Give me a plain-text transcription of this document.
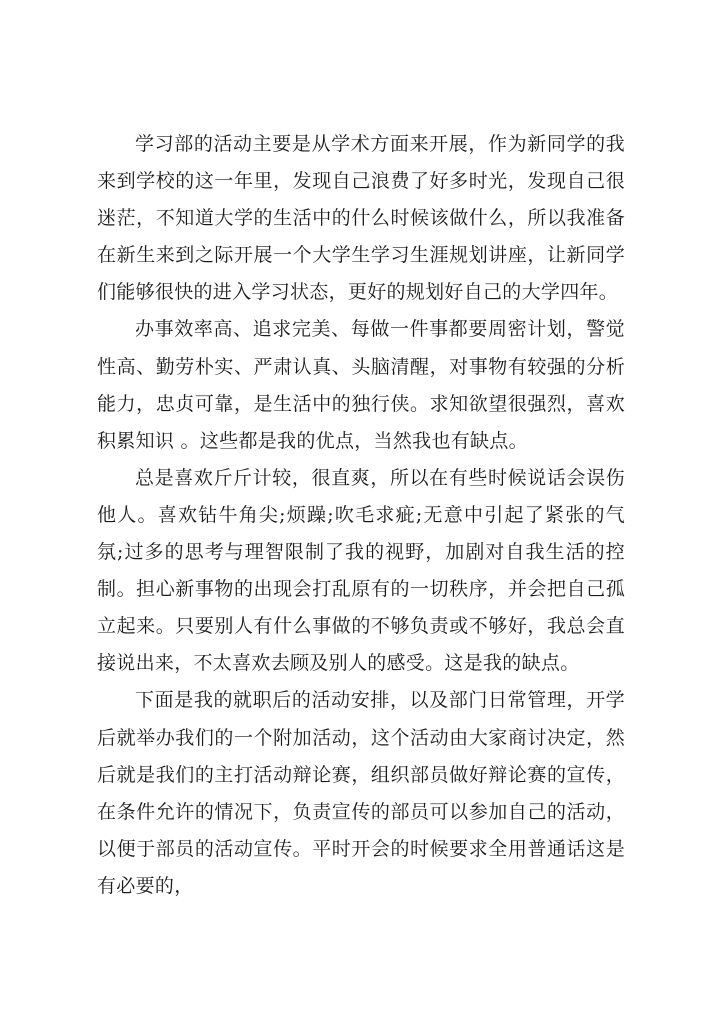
学习部的活动主要是从学术方面来开展，作为新同学的我来到学校的这一年里，发现自己浪费了好多时光，发现自己很迷茫，不知道大学的生活中的什么时候该做什么，所以我准备在新生来到之际开展一个大学生学习生涯规划讲座，让新同学们能够很快的进入学习状态，更好的规划好自己的大学四年。

办事效率高、追求完美、每做一件事都要周密计划，警觉性高、勤劳朴实、严肃认真、头脑清醒，对事物有较强的分析能力，忠贞可靠，是生活中的独行侠。求知欲望很强烈，喜欢积累知识 。这些都是我的优点，当然我也有缺点。

总是喜欢斤斤计较，很直爽，所以在有些时候说话会误伤他人。喜欢钻牛角尖;烦躁;吹毛求疵;无意中引起了紧张的气氛;过多的思考与理智限制了我的视野，加剧对自我生活的控制。担心新事物的出现会打乱原有的一切秩序，并会把自己孤立起来。只要别人有什么事做的不够负责或不够好，我总会直接说出来，不太喜欢去顾及别人的感受。这是我的缺点。

下面是我的就职后的活动安排，以及部门日常管理，开学后就举办我们的一个附加活动，这个活动由大家商讨决定，然后就是我们的主打活动辩论赛，组织部员做好辩论赛的宣传，在条件允许的情况下，负责宣传的部员可以参加自己的活动，以便于部员的活动宣传。平时开会的时候要求全用普通话这是有必要的，
